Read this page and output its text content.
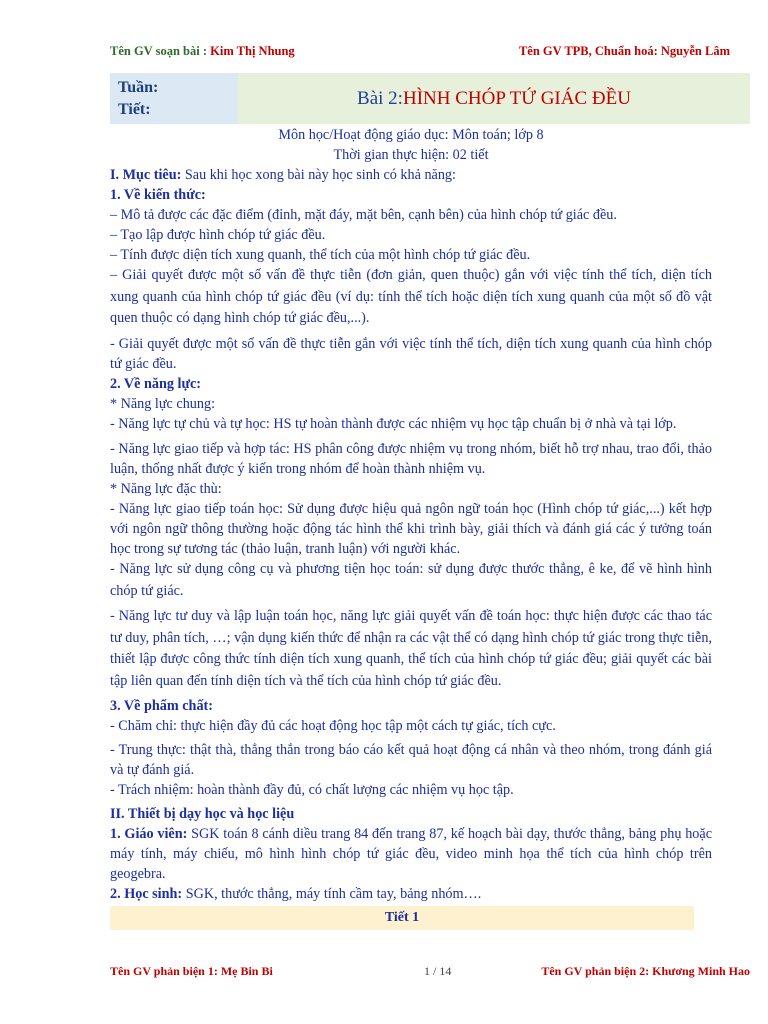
Tên GV soạn bài : Kim Thị Nhung	Tên GV TPB, Chuẩn hoá: Nguyễn Lâm
Tuần:
Tiết:
Bài 2: HÌNH CHÓP TỨ GIÁC ĐỀU
Môn học/Hoạt động giáo dục: Môn toán; lớp 8
Thời gian thực hiện: 02 tiết
I. Mục tiêu: Sau khi học xong bài này học sinh có khả năng:
1. Về kiến thức:
– Mô tả được các đặc điểm (đỉnh, mặt đáy, mặt bên, cạnh bên) của hình chóp tứ giác đều.
– Tạo lập được hình chóp tứ giác đều.
– Tính được diện tích xung quanh, thể tích của một hình chóp tứ giác đều.
– Giải quyết được một số vấn đề thực tiễn (đơn giản, quen thuộc) gắn với việc tính thể tích, diện tích xung quanh của hình chóp tứ giác đều (ví dụ: tính thể tích hoặc diện tích xung quanh của một số đồ vật quen thuộc có dạng hình chóp tứ giác đều,...).
- Giải quyết được một số vấn đề thực tiễn gắn với việc tính thể tích, diện tích xung quanh của hình chóp tứ giác đều.
2. Về năng lực:
* Năng lực chung:
- Năng lực tự chủ và tự học: HS tự hoàn thành được các nhiệm vụ học tập chuẩn bị ở nhà và tại lớp.
- Năng lực giao tiếp và hợp tác: HS phân công được nhiệm vụ trong nhóm, biết hỗ trợ nhau, trao đổi, thảo luận, thống nhất được ý kiến trong nhóm để hoàn thành nhiệm vụ.
* Năng lực đặc thù:
- Năng lực giao tiếp toán học: Sử dụng được hiệu quả ngôn ngữ toán học (Hình chóp tứ giác,...) kết hợp với ngôn ngữ thông thường hoặc động tác hình thể khi trình bày, giải thích và đánh giá các ý tưởng toán học trong sự tương tác (thảo luận, tranh luận) với người khác.
- Năng lực sử dụng công cụ và phương tiện học toán: sử dụng được thước thẳng, ê ke, để vẽ hình hình chóp tứ giác.
- Năng lực tư duy và lập luận toán học, năng lực giải quyết vấn đề toán học: thực hiện được các thao tác tư duy, phân tích, …; vận dụng kiến thức để nhận ra các vật thể có dạng hình chóp tứ giác trong thực tiễn, thiết lập được công thức tính diện tích xung quanh, thể tích của hình chóp tứ giác đều; giải quyết các bài tập liên quan đến tính diện tích và thể tích của hình chóp tứ giác đều.
3. Về phẩm chất:
- Chăm chỉ: thực hiện đầy đủ các hoạt động học tập một cách tự giác, tích cực.
- Trung thực: thật thà, thẳng thắn trong báo cáo kết quả hoạt động cá nhân và theo nhóm, trong đánh giá và tự đánh giá.
- Trách nhiệm: hoàn thành đầy đủ, có chất lượng các nhiệm vụ học tập.
II. Thiết bị dạy học và học liệu
1. Giáo viên: SGK toán 8 cánh diều trang 84 đến trang 87, kế hoạch bài dạy, thước thẳng, bảng phụ hoặc máy tính, máy chiếu, mô hình hình chóp tứ giác đều, video minh họa thể tích của hình chóp trên geogebra.
2. Học sinh: SGK, thước thẳng, máy tính cầm tay, bảng nhóm….
Tiết 1
Tên GV phản biện 1: Mẹ Bin Bi	1 / 14	Tên GV phản biện 2: Khương Minh Hao
